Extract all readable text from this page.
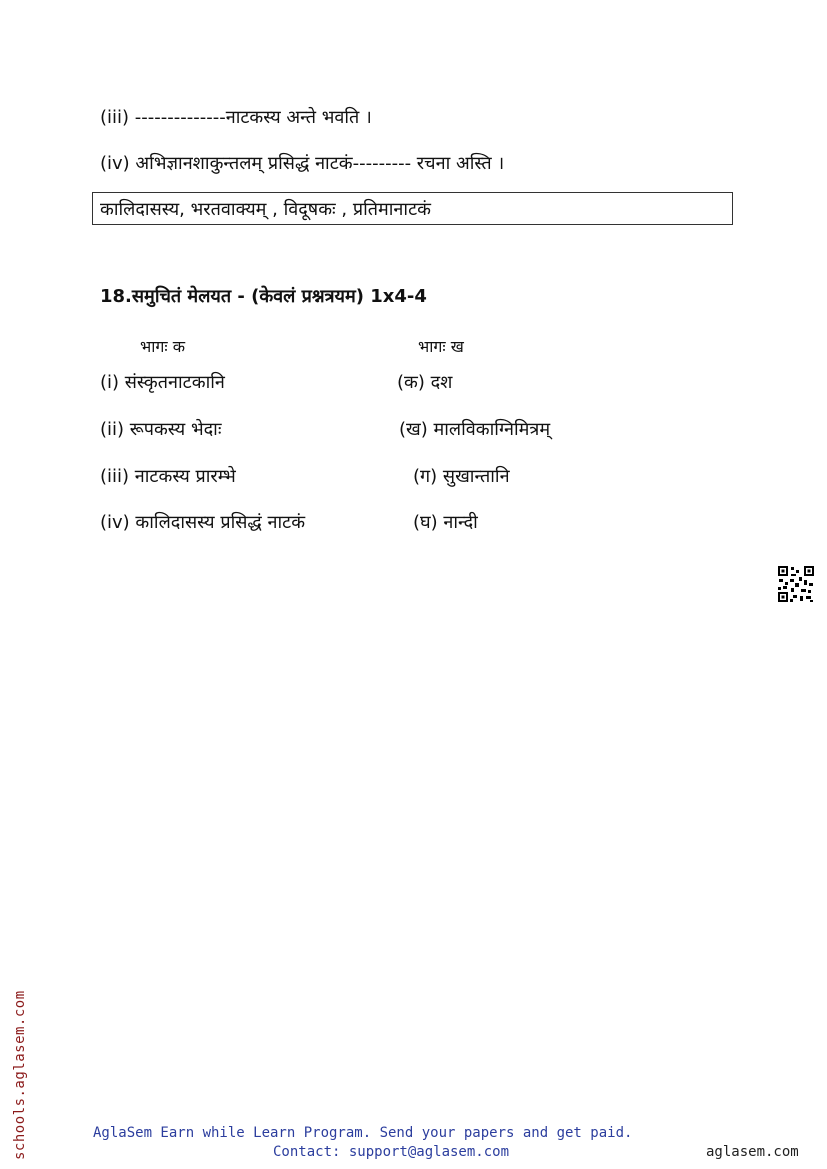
(iii) --------------नाटकस्य अन्ते भवति ।
(iv) अभिज्ञानशाकुन्तलम् प्रसिद्धं नाटकं--------- रचना अस्ति ।
कालिदासस्य, भरतवाक्यम् , विदूषकः , प्रतिमानाटकं
18.समुचितं मेलयत - (केवलं प्रश्नत्रयम) 1x4-4
भागः क	भागः ख
(i) संस्कृतनाटकानि	(क) दश
(ii) रूपकस्य भेदाः	(ख) मालविकाग्निमित्रम्
(iii) नाटकस्य प्रारम्भे	(ग) सुखान्तानि
(iv) कालिदासस्य प्रसिद्धं नाटकं	(घ) नान्दी
schools.aglasem.com	AglaSem Earn while Learn Program. Send your papers and get paid.
Contact: support@aglasem.com	aglasem.com
